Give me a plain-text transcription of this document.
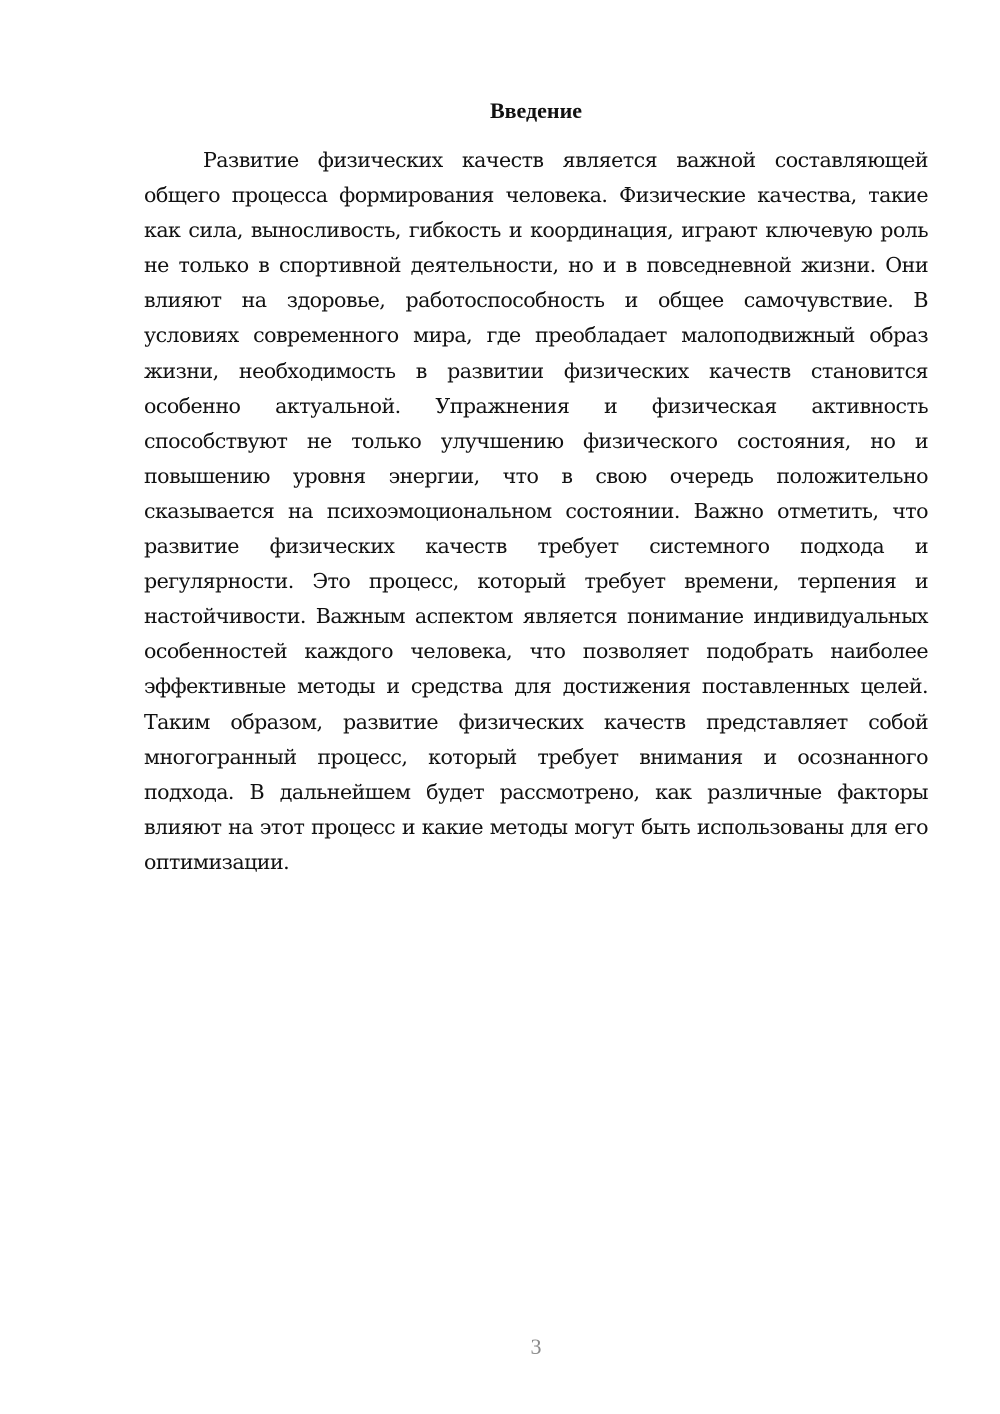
Введение

Развитие физических качеств является важной составляющей общего процесса формирования человека. Физические качества, такие как сила, выносливость, гибкость и координация, играют ключевую роль не только в спортивной деятельности, но и в повседневной жизни. Они влияют на здоровье, работоспособность и общее самочувствие. В условиях современного мира, где преобладает малоподвижный образ жизни, необходимость в развитии физических качеств становится особенно актуальной. Упражнения и физическая активность способствуют не только улучшению физического состояния, но и повышению уровня энергии, что в свою очередь положительно сказывается на психоэмоциональном состоянии. Важно отметить, что развитие физических качеств требует системного подхода и регулярности. Это процесс, который требует времени, терпения и настойчивости. Важным аспектом является понимание индивидуальных особенностей каждого человека, что позволяет подобрать наиболее эффективные методы и средства для достижения поставленных целей. Таким образом, развитие физических качеств представляет собой многогранный процесс, который требует внимания и осознанного подхода. В дальнейшем будет рассмотрено, как различные факторы влияют на этот процесс и какие методы могут быть использованы для его оптимизации.

3
